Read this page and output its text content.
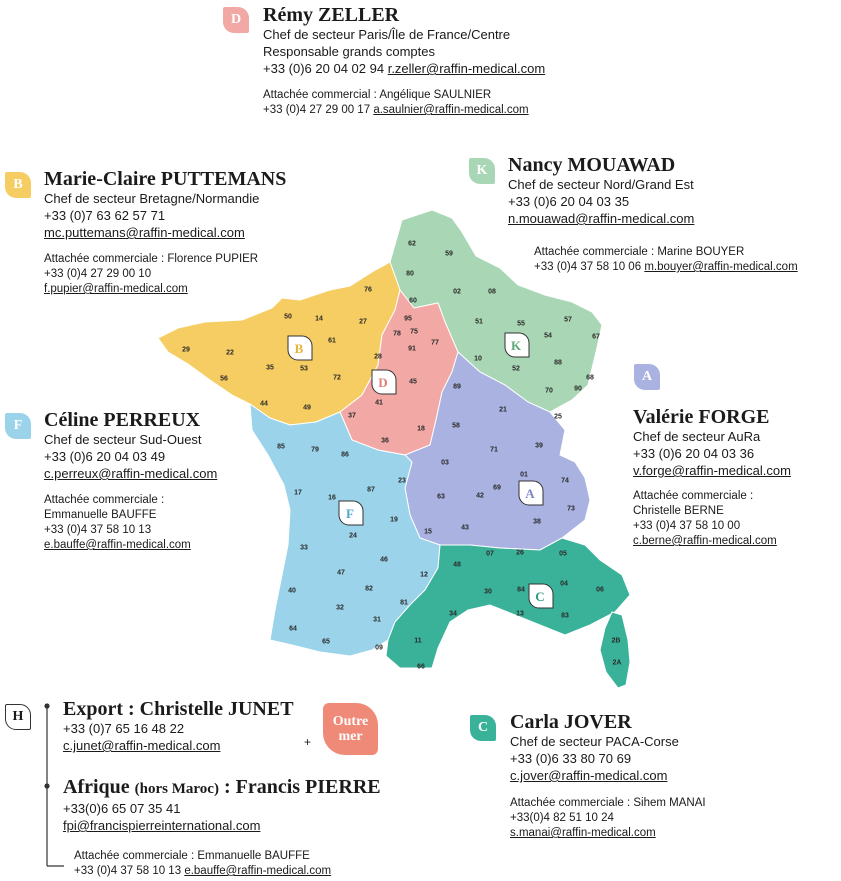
62
59
80
02	08
60
51	55
57
54	67
10
52
88
68
70	90
25
76
50	14	27
29	22
35
61
53
72
56
44
49
95
78 75
91
28
77
45
41
37
36
18
85	79
86
17
16
87
23
24
19
33
46
47
40	82
12
64
32
81
31
65
09
89
21
58
71
39
03
01
74
69
42
73
63
15
43
38
07	26
48
30	84
05
04
06
13	83
34
11
66
2B
2A
B
D
K
F
A
C
D	Rémy ZELLER
Chef de secteur Paris/Île de France/Centre
Responsable grands comptes
+33 (0)6 20 04 02 94 r.zeller@raffin-medical.com
Attachée commercial : Angélique SAULNIER
+33 (0)4 27 29 00 17 a.saulnier@raffin-medical.com
B	Marie-Claire PUTTEMANS
Chef de secteur Bretagne/Normandie
+33 (0)7 63 62 57 71
mc.puttemans@raffin-medical.com
Attachée commerciale : Florence PUPIER
+33 (0)4 27 29 00 10
f.pupier@raffin-medical.com
K	Nancy MOUAWAD
Chef de secteur Nord/Grand Est
+33 (0)6 20 04 03 35
n.mouawad@raffin-medical.com
Attachée commerciale : Marine BOUYER
+33 (0)4 37 58 10 06 m.bouyer@raffin-medical.com
F	Céline PERREUX
Chef de secteur Sud-Ouest
+33 (0)6 20 04 03 49
c.perreux@raffin-medical.com
Attachée commerciale :
Emmanuelle BAUFFE
+33 (0)4 37 58 10 13
e.bauffe@raffin-medical.com
A
Valérie FORGE
Chef de secteur AuRa
+33 (0)6 20 04 03 36
v.forge@raffin-medical.com
Attachée commerciale :
Christelle BERNE
+33 (0)4 37 58 10 00
c.berne@raffin-medical.com
C	Carla JOVER
Chef de secteur PACA-Corse
+33 (0)6 33 80 70 69
c.jover@raffin-medical.com
Attachée commerciale : Sihem MANAI
+33(0)4 82 51 10 24
s.manai@raffin-medical.com
H	Export : Christelle JUNET
+33 (0)7 65 16 48 22
c.junet@raffin-medical.com	+
Outre mer
Afrique (hors Maroc) : Francis PIERRE
+33(0)6 65 07 35 41
fpi@francispierreinternational.com
Attachée commerciale : Emmanuelle BAUFFE
+33 (0)4 37 58 10 13 e.bauffe@raffin-medical.com
